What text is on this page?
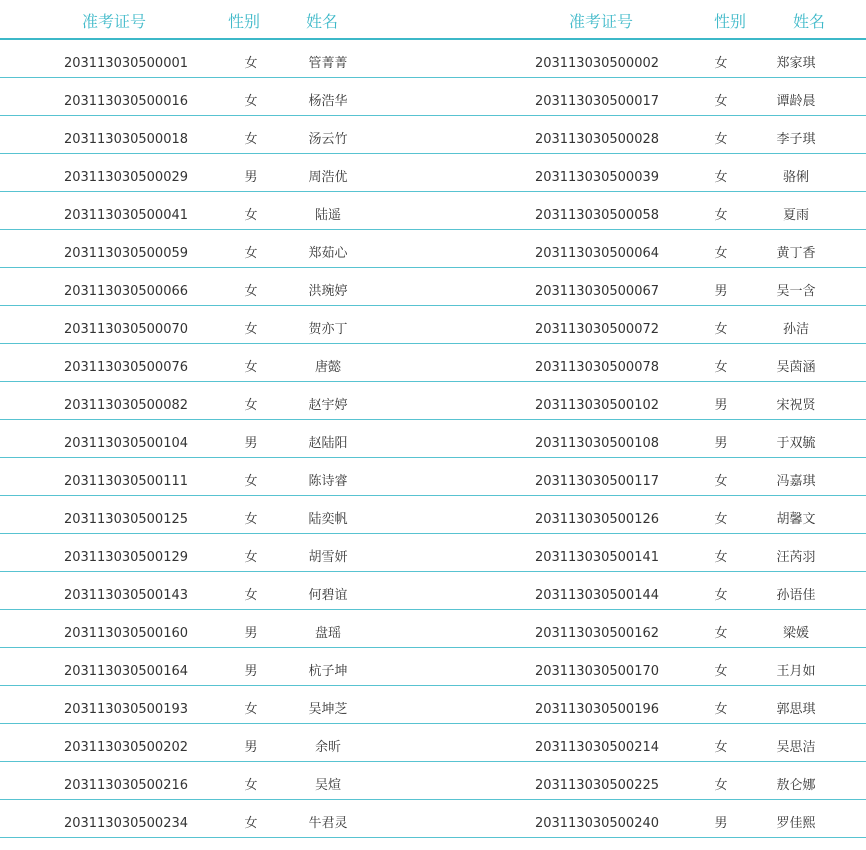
准考证号	性别	姓名	准考证号	性别	姓名
203113030500001	女	管菁菁	203113030500002	女	郑家琪
203113030500016	女	杨浩华	203113030500017	女	谭龄晨
203113030500018	女	汤云竹	203113030500028	女	李子琪
203113030500029	男	周浩优	203113030500039	女	骆俐
203113030500041	女	陆遥	203113030500058	女	夏雨
203113030500059	女	郑茹心	203113030500064	女	黄丁香
203113030500066	女	洪琬婷	203113030500067	男	吴一含
203113030500070	女	贺亦丁	203113030500072	女	孙洁
203113030500076	女	唐懿	203113030500078	女	吴茵涵
203113030500082	女	赵宇婷	203113030500102	男	宋祝贤
203113030500104	男	赵陆阳	203113030500108	男	于双毓
203113030500111	女	陈诗睿	203113030500117	女	冯嘉琪
203113030500125	女	陆奕帆	203113030500126	女	胡馨文
203113030500129	女	胡雪妍	203113030500141	女	汪芮羽
203113030500143	女	何碧谊	203113030500144	女	孙语佳
203113030500160	男	盘瑶	203113030500162	女	梁媛
203113030500164	男	杭子坤	203113030500170	女	王月如
203113030500193	女	吴坤芝	203113030500196	女	郭思琪
203113030500202	男	余昕	203113030500214	女	吴思洁
203113030500216	女	吴煊	203113030500225	女	敖仑娜
203113030500234	女	牛君灵	203113030500240	男	罗佳熙
